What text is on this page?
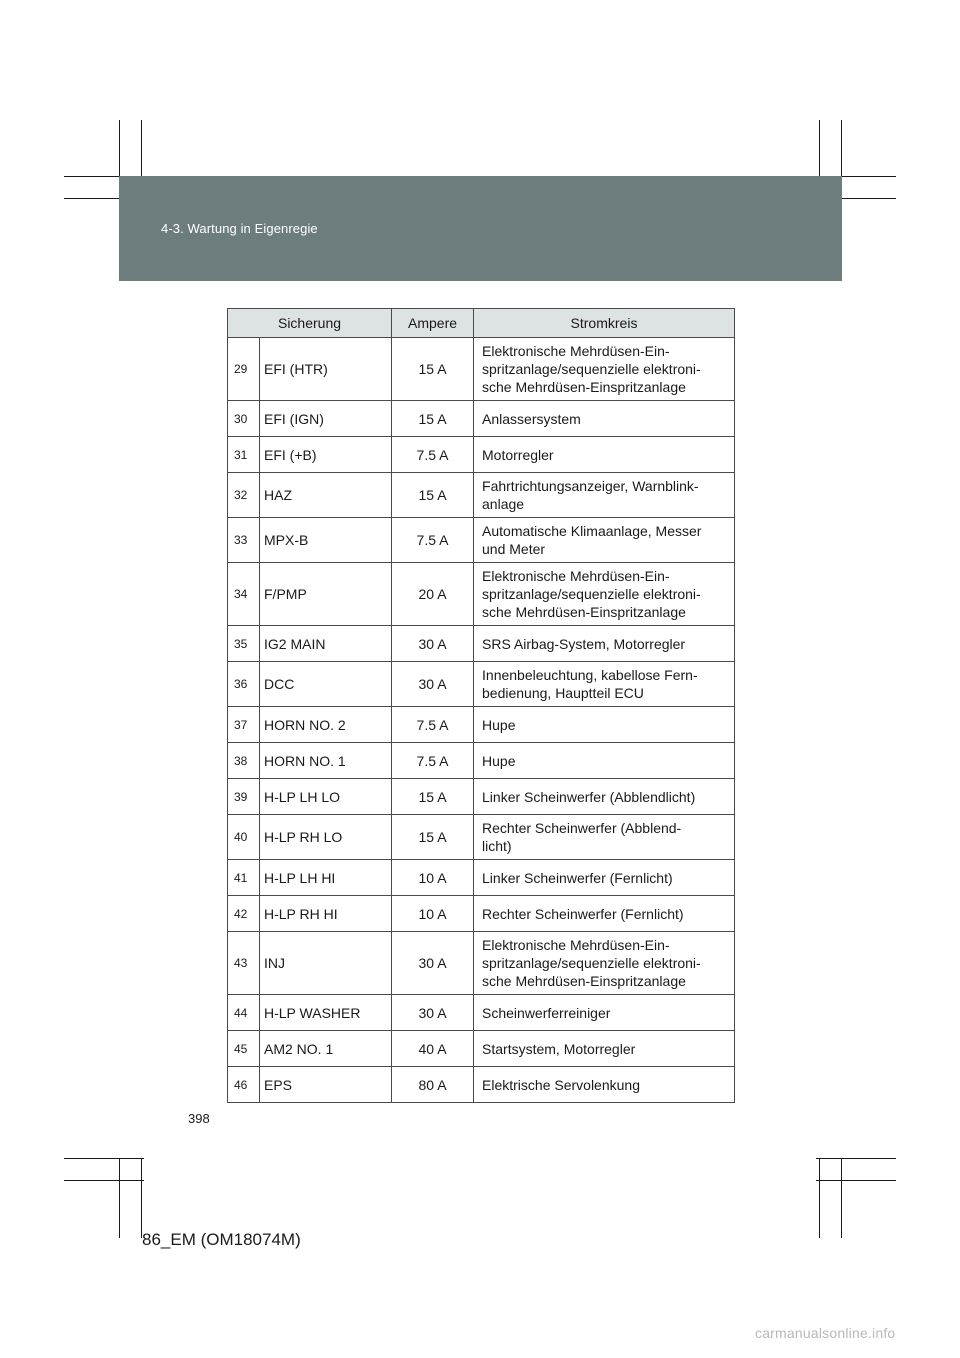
4-3. Wartung in Eigenregie
Sicherung		Ampere	Stromkreis
29	EFI (HTR)	15 A	Elektronische Mehrdüsen-Ein-
spritzanlage/sequenzielle elektroni-
sche Mehrdüsen-Einspritzanlage
30	EFI (IGN)	15 A	Anlassersystem
31	EFI (+B)	7.5 A	Motorregler
32	HAZ	15 A	Fahrtrichtungsanzeiger, Warnblink-
anlage
33	MPX-B	7.5 A	Automatische Klimaanlage, Messer
und Meter
34	F/PMP	20 A	Elektronische Mehrdüsen-Ein-
spritzanlage/sequenzielle elektroni-
sche Mehrdüsen-Einspritzanlage
35	IG2 MAIN	30 A	SRS Airbag-System, Motorregler
36	DCC	30 A	Innenbeleuchtung, kabellose Fern-
bedienung, Hauptteil ECU
37	HORN NO. 2	7.5 A	Hupe
38	HORN NO. 1	7.5 A	Hupe
39	H-LP LH LO	15 A	Linker Scheinwerfer (Abblendlicht)
40	H-LP RH LO	15 A	Rechter Scheinwerfer (Abblend-
licht)
41	H-LP LH HI	10 A	Linker Scheinwerfer (Fernlicht)
42	H-LP RH HI	10 A	Rechter Scheinwerfer (Fernlicht)
43	INJ	30 A	Elektronische Mehrdüsen-Ein-
spritzanlage/sequenzielle elektroni-
sche Mehrdüsen-Einspritzanlage
44	H-LP WASHER	30 A	Scheinwerferreiniger
45	AM2 NO. 1	40 A	Startsystem, Motorregler
46	EPS	80 A	Elektrische Servolenkung
398
86_EM (OM18074M)
carmanualsonline.info
